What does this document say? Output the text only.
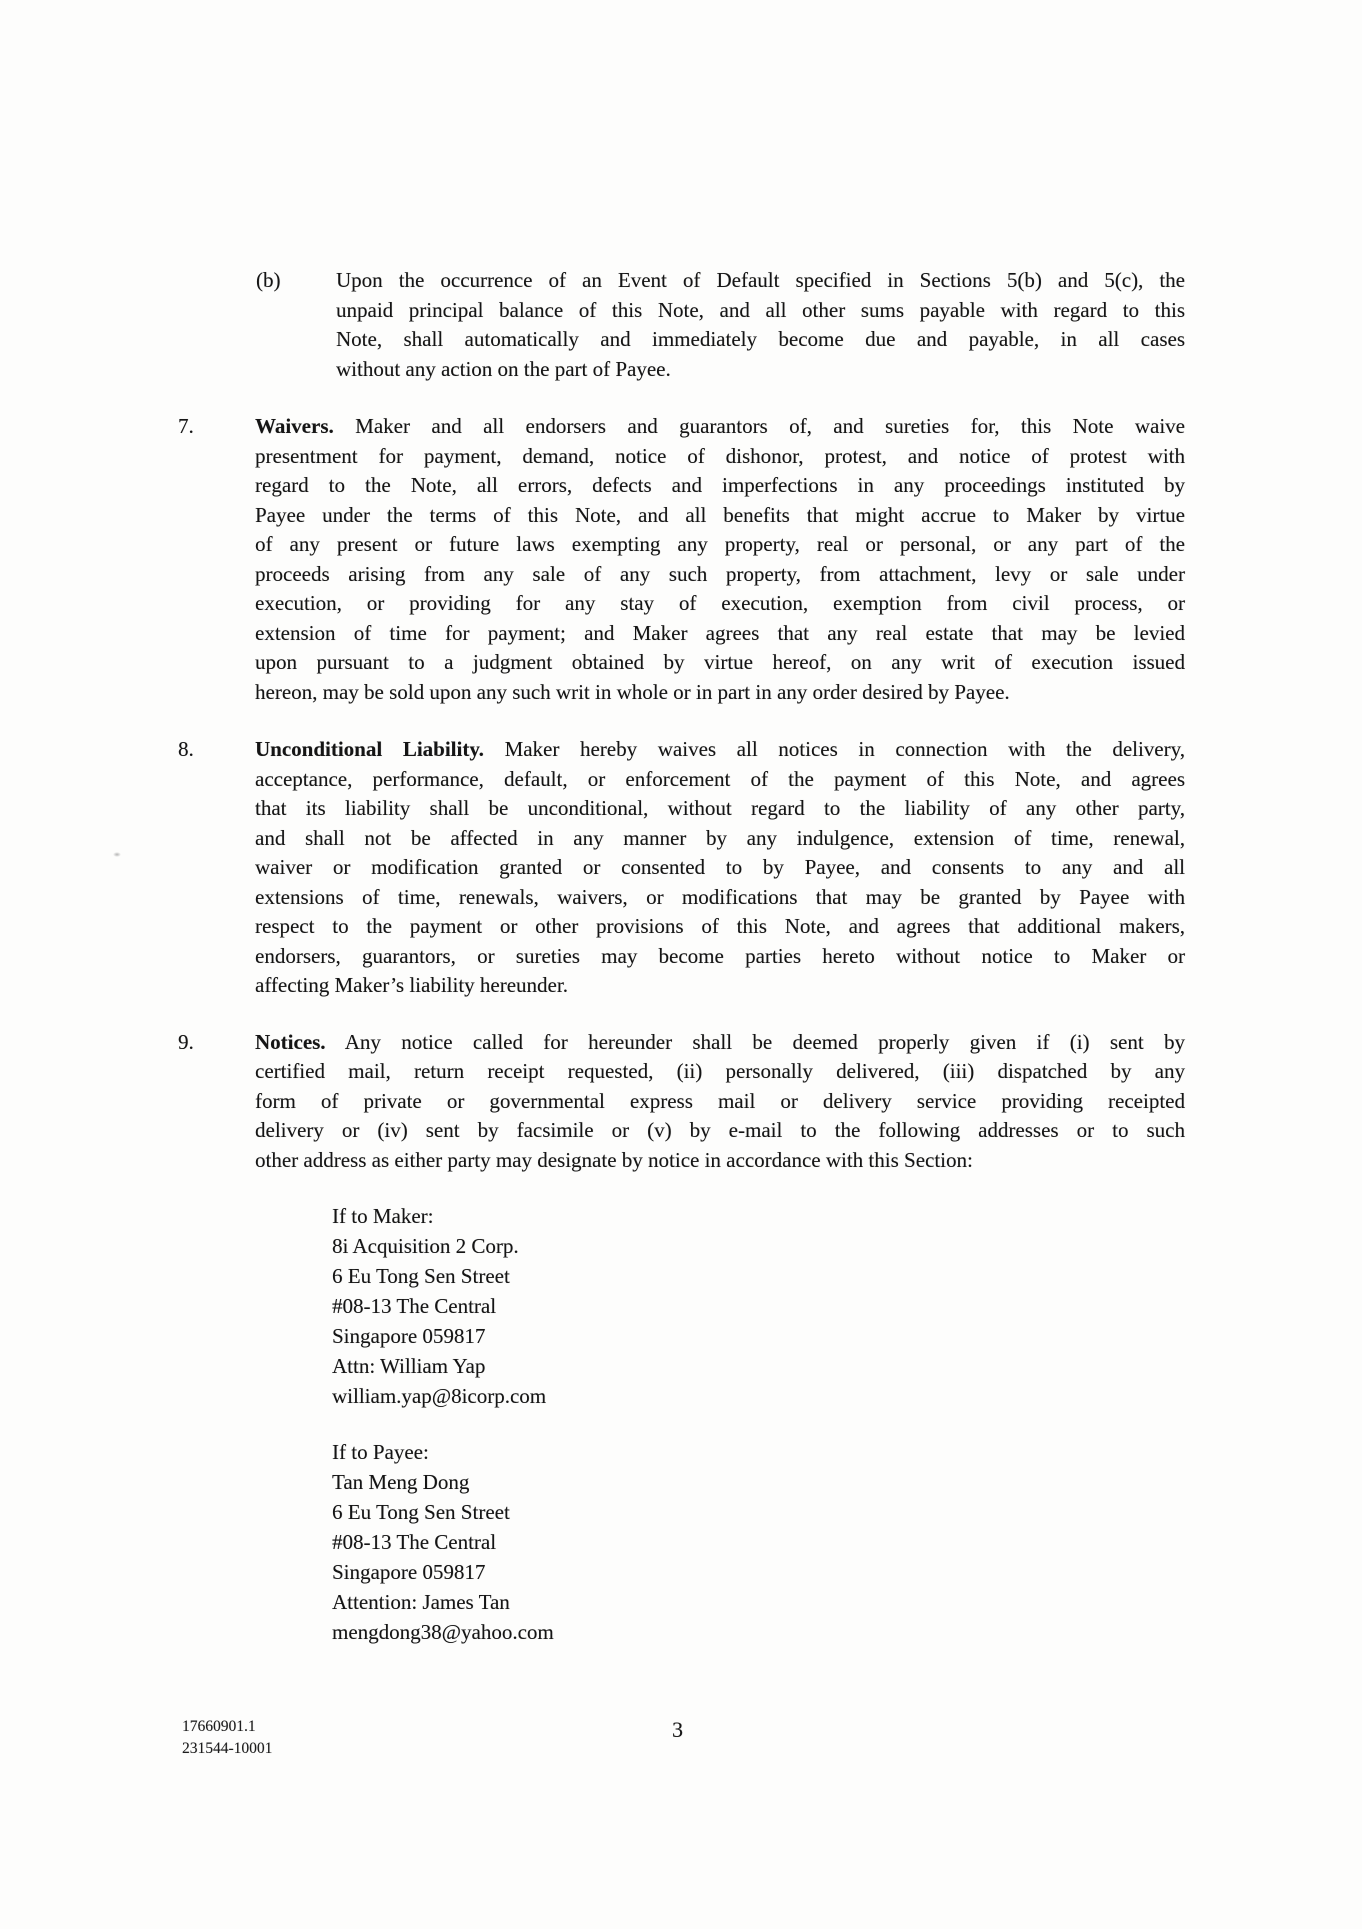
(b)	Upon the occurrence of an Event of Default specified in Sections 5(b) and 5(c), the
unpaid principal balance of this Note, and all other sums payable with regard to this
Note, shall automatically and immediately become due and payable, in all cases
without any action on the part of Payee.
7.	Waivers. Maker and all endorsers and guarantors of, and sureties for, this Note waive
presentment for payment, demand, notice of dishonor, protest, and notice of protest with
regard to the Note, all errors, defects and imperfections in any proceedings instituted by
Payee under the terms of this Note, and all benefits that might accrue to Maker by virtue
of any present or future laws exempting any property, real or personal, or any part of the
proceeds arising from any sale of any such property, from attachment, levy or sale under
execution, or providing for any stay of execution, exemption from civil process, or
extension of time for payment; and Maker agrees that any real estate that may be levied
upon pursuant to a judgment obtained by virtue hereof, on any writ of execution issued
hereon, may be sold upon any such writ in whole or in part in any order desired by Payee.
8.	Unconditional Liability. Maker hereby waives all notices in connection with the delivery,
acceptance, performance, default, or enforcement of the payment of this Note, and agrees
that its liability shall be unconditional, without regard to the liability of any other party,
and shall not be affected in any manner by any indulgence, extension of time, renewal,
waiver or modification granted or consented to by Payee, and consents to any and all
extensions of time, renewals, waivers, or modifications that may be granted by Payee with
respect to the payment or other provisions of this Note, and agrees that additional makers,
endorsers, guarantors, or sureties may become parties hereto without notice to Maker or
affecting Maker’s liability hereunder.
9.	Notices. Any notice called for hereunder shall be deemed properly given if (i) sent by
certified mail, return receipt requested, (ii) personally delivered, (iii) dispatched by any
form of private or governmental express mail or delivery service providing receipted
delivery or (iv) sent by facsimile or (v) by e-mail to the following addresses or to such
other address as either party may designate by notice in accordance with this Section:
If to Maker:
8i Acquisition 2 Corp.
6 Eu Tong Sen Street
#08-13 The Central
Singapore 059817
Attn: William Yap
william.yap@8icorp.com
If to Payee:
Tan Meng Dong
6 Eu Tong Sen Street
#08-13 The Central
Singapore 059817
Attention: James Tan
mengdong38@yahoo.com
17660901.1
231544-10001
3
